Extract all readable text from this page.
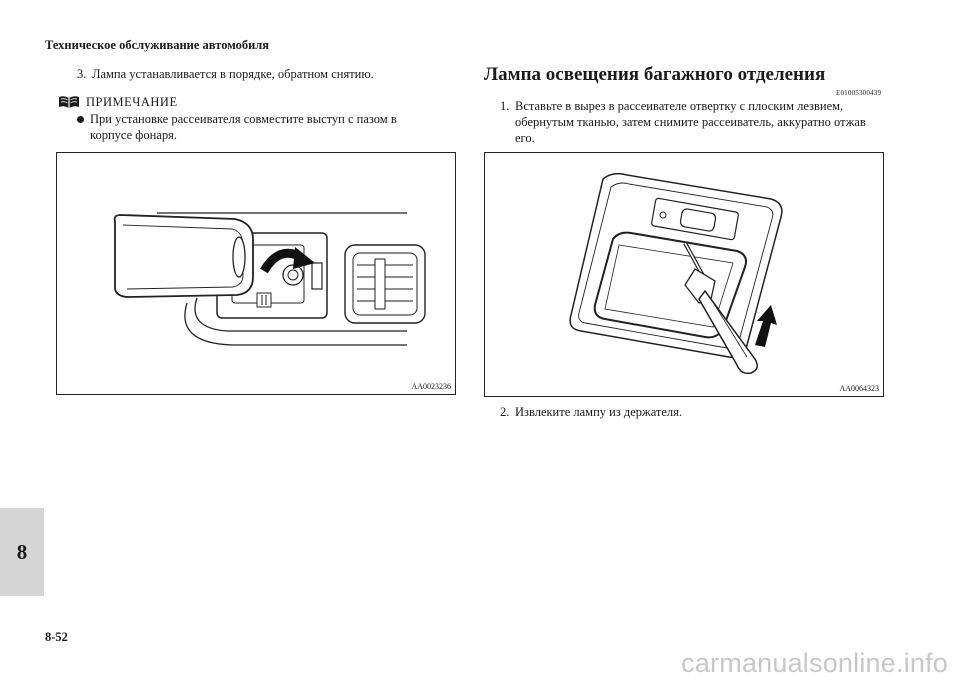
Техническое обслуживание автомобиля
3. Лампа устанавливается в порядке, обратном снятию.
ПРИМЕЧАНИЕ
При установке рассеивателя совместите выступ с пазом в корпусе фонаря.
AA0023236
Лампа освещения багажного отделения
E01005300439
1. Вставьте в вырез в рассеивателе отвертку с плоским лезвием, обернутым тканью, затем снимите рассеиватель, аккуратно отжав его.
AA0064323
2. Извлеките лампу из держателя.
8
8-52
carmanualsonline.info
